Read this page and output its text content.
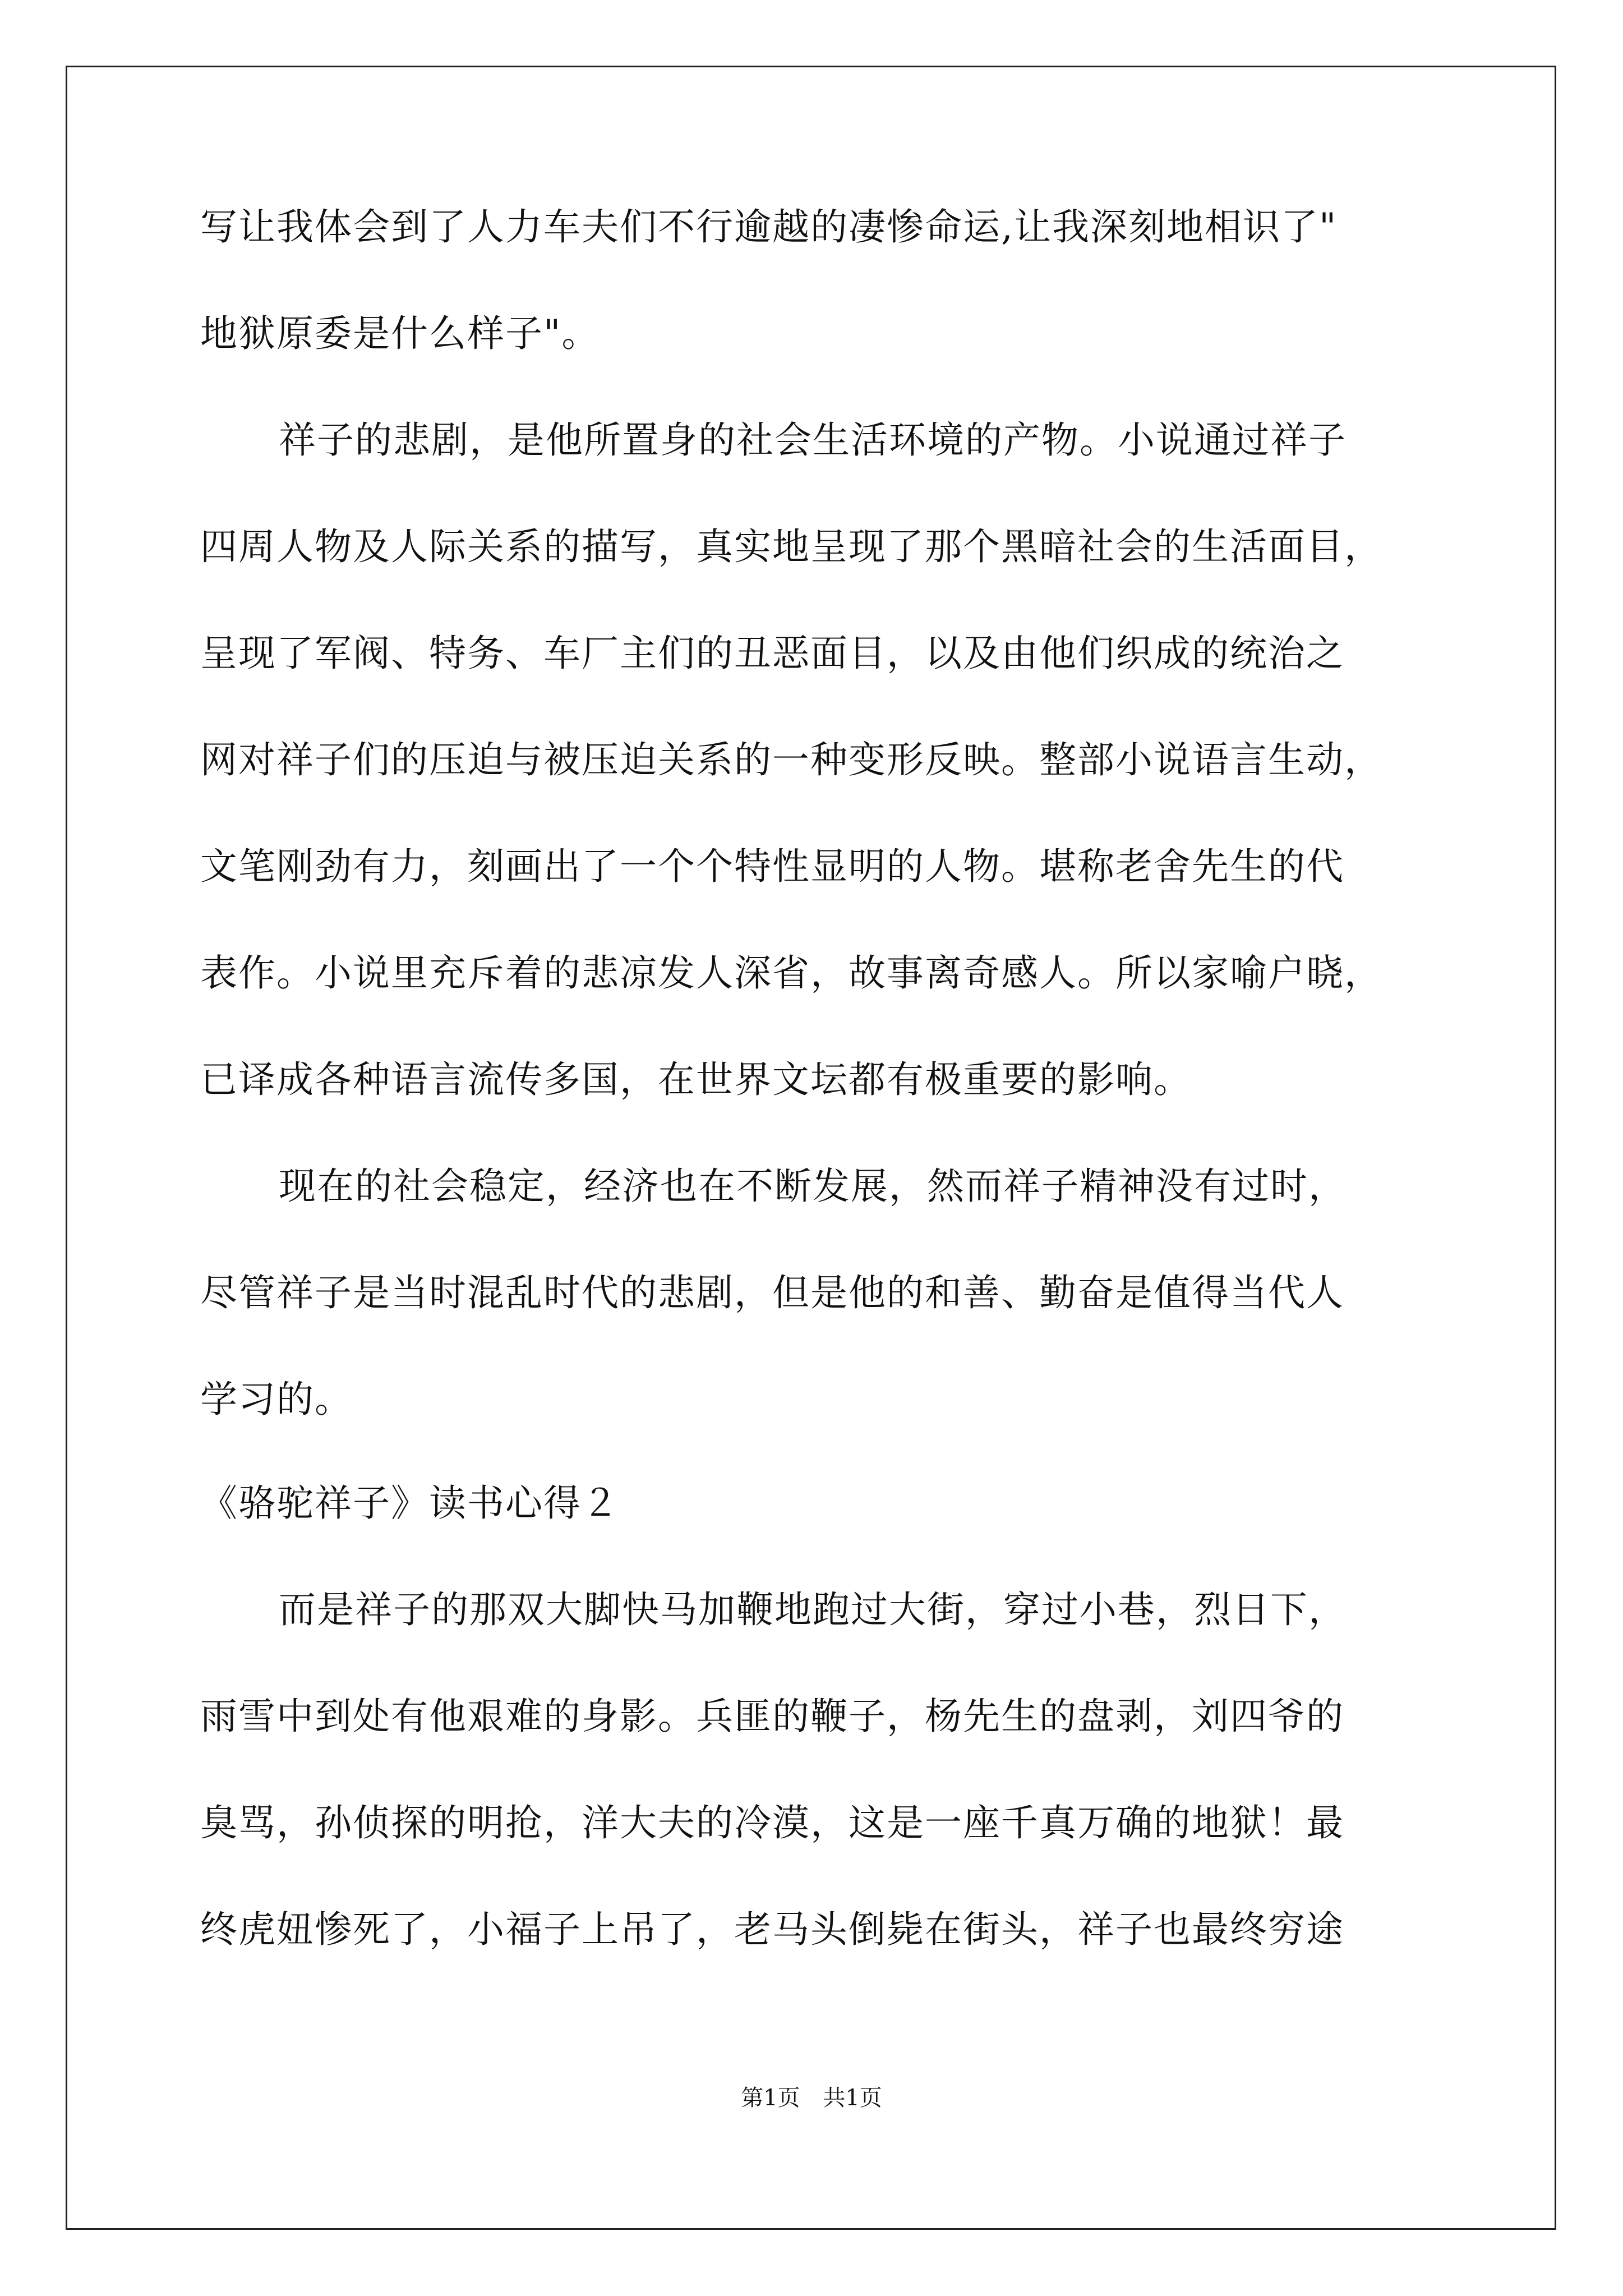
写让我体会到了人力车夫们不行逾越的凄惨命运,让我深刻地相识了"
地狱原委是什么样子"。
祥子的悲剧，是他所置身的社会生活环境的产物。小说通过祥子
四周人物及人际关系的描写，真实地呈现了那个黑暗社会的生活面目，
呈现了军阀、特务、车厂主们的丑恶面目，以及由他们织成的统治之
网对祥子们的压迫与被压迫关系的一种变形反映。整部小说语言生动，
文笔刚劲有力，刻画出了一个个特性显明的人物。堪称老舍先生的代
表作。小说里充斥着的悲凉发人深省，故事离奇感人。所以家喻户晓，
已译成各种语言流传多国，在世界文坛都有极重要的影响。
现在的社会稳定，经济也在不断发展，然而祥子精神没有过时，
尽管祥子是当时混乱时代的悲剧，但是他的和善、勤奋是值得当代人
学习的。
《骆驼祥子》读书心得２
而是祥子的那双大脚快马加鞭地跑过大街，穿过小巷，烈日下，
雨雪中到处有他艰难的身影。兵匪的鞭子，杨先生的盘剥，刘四爷的
臭骂，孙侦探的明抢，洋大夫的冷漠，这是一座千真万确的地狱！最
终虎妞惨死了，小福子上吊了，老马头倒毙在街头，祥子也最终穷途
第1页 共1页
